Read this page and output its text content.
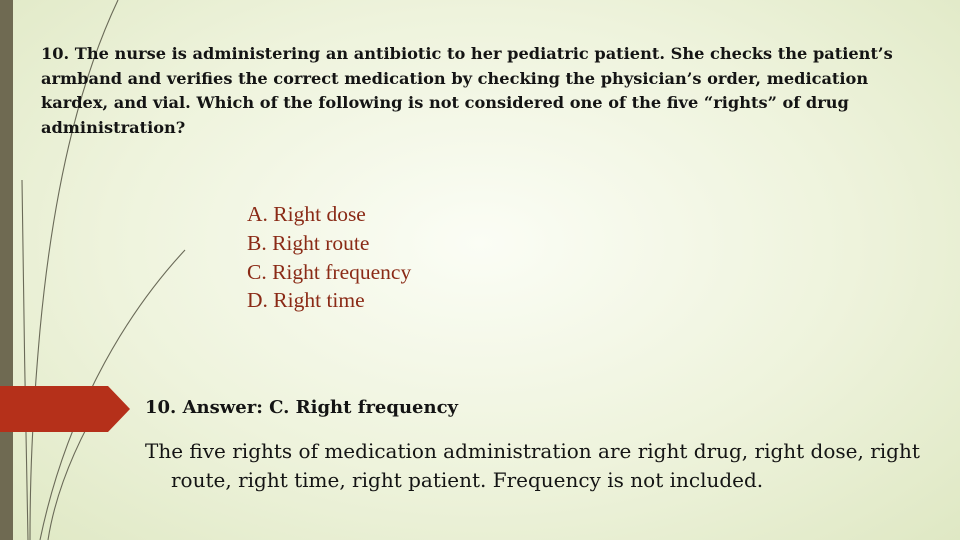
10. The nurse is administering an antibiotic to her pediatric patient. She checks the patient’s armband and verifies the correct medication by checking the physician’s order, medication kardex, and vial. Which of the following is not considered one of the five “rights” of drug administration?
A. Right dose
B. Right route
C. Right frequency
D. Right time
10. Answer: C. Right frequency
The five rights of medication administration are right drug, right dose, right route, right time, right patient. Frequency is not included.
